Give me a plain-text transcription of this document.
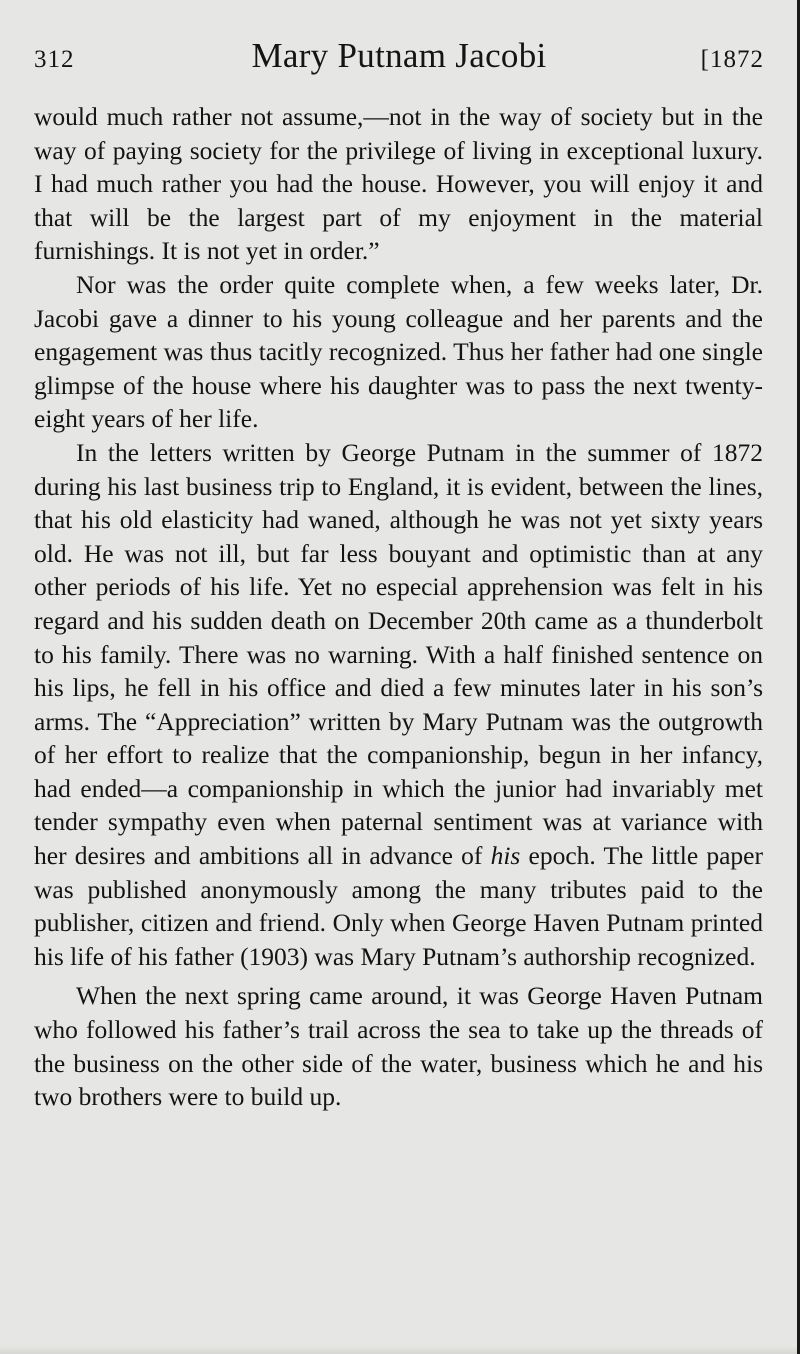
312	Mary Putnam Jacobi	[1872

would much rather not assume,—not in the way of society but in the way of paying society for the privilege of living in exceptional luxury. I had much rather you had the house. However, you will enjoy it and that will be the largest part of my enjoyment in the material furnishings. It is not yet in order.”

Nor was the order quite complete when, a few weeks later, Dr. Jacobi gave a dinner to his young colleague and her parents and the engagement was thus tacitly recognized. Thus her father had one single glimpse of the house where his daughter was to pass the next twenty-eight years of her life.

In the letters written by George Putnam in the summer of 1872 during his last business trip to England, it is evident, between the lines, that his old elasticity had waned, although he was not yet sixty years old. He was not ill, but far less bouyant and optimistic than at any other periods of his life. Yet no especial apprehension was felt in his regard and his sudden death on December 20th came as a thunderbolt to his family. There was no warning. With a half finished sentence on his lips, he fell in his office and died a few minutes later in his son’s arms. The “Appreciation” written by Mary Putnam was the outgrowth of her effort to realize that the companionship, begun in her infancy, had ended—a companionship in which the junior had invariably met tender sympathy even when paternal sentiment was at variance with her desires and ambitions all in advance of his epoch. The little paper was published anonymously among the many tributes paid to the publisher, citizen and friend. Only when George Haven Putnam printed his life of his father (1903) was Mary Putnam’s authorship recognized.

When the next spring came around, it was George Haven Putnam who followed his father’s trail across the sea to take up the threads of the business on the other side of the water, business which he and his two brothers were to build up.
